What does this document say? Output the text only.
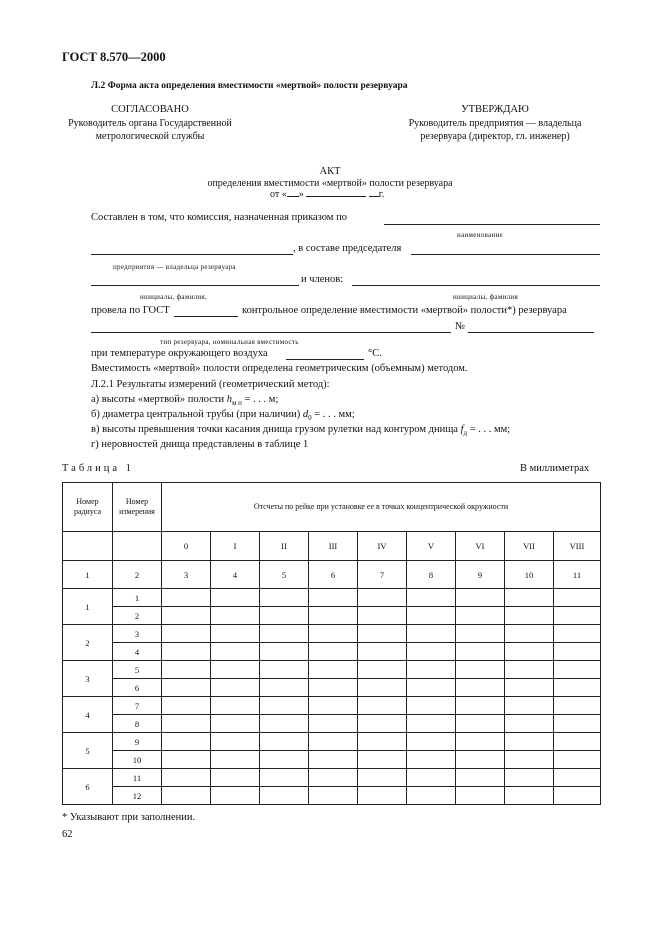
ГОСТ 8.570—2000
Л.2 Форма акта определения вместимости «мертвой» полости резервуара
СОГЛАСОВАНО
Руководитель органа Государственной
метрологической службы
УТВЕРЖДАЮ
Руководитель предприятия — владельца
резервуара (директор, гл. инженер)
АКТ
определения вместимости «мертвой» полости резервуара
от « »	г.
Составлен в том, что комиссия, назначенная приказом по
наименование
, в составе председателя
предприятия — владельца резервуара
и членов:
инициалы, фамилия,	инициалы, фамилия
провела по ГОСТ	контрольное определение вместимости «мертвой» полости*) резервуара
№
тип резервуара, номинальная вместимость
при температуре окружающего воздуха	°C.
Вместимость «мертвой» полости определена геометрическим (объемным) методом.
Л.2.1 Результаты измерений (геометрический метод):
а) высоты «мертвой» полости $h_{м п}$ = . . . м;
б) диаметра центральной трубы (при наличии) $d_0$ = . . . мм;
в) высоты превышения точки касания днища грузом рулетки над контуром днища $f_д$ = . . . мм;
г) неровностей днища представлены в таблице 1
Таблица 1	В миллиметрах
Номер радиуса	Номер измерения	Отсчеты по рейке при установке ее в точках концентрической окружности								
		0	I	II	III	IV	V	VI	VII	VIII
1	2	3	4	5	6	7	8	9	10	11
1	1									
	2									
2	3									
	4									
3	5									
	6									
4	7									
	8									
5	9									
	10									
6	11									
	12									
* Указывают при заполнении.
62
